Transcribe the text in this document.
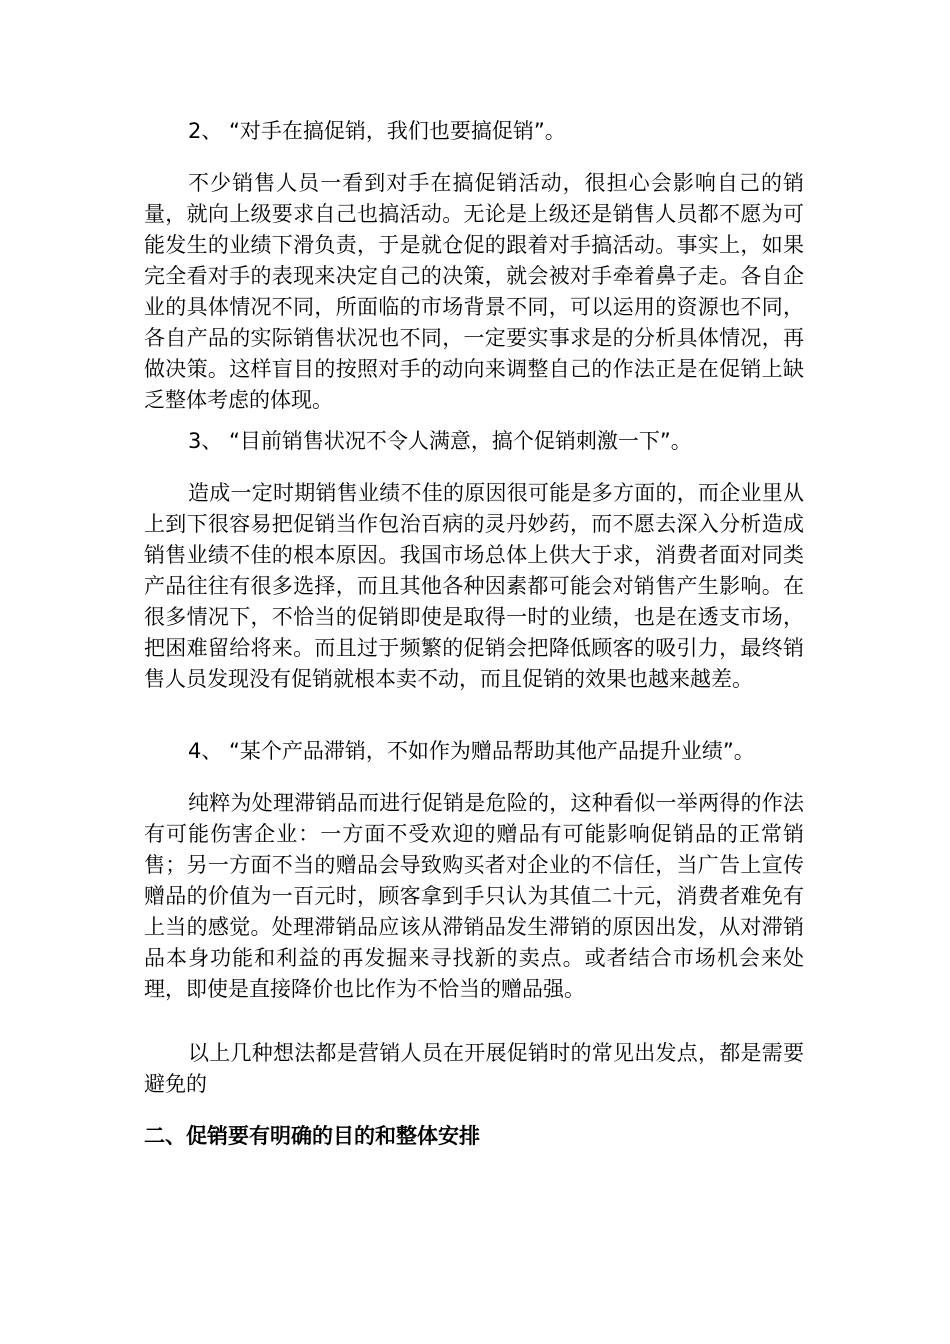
2、 “对手在搞促销，我们也要搞促销”。

不少销售人员一看到对手在搞促销活动，很担心会影响自己的销量，就向上级要求自己也搞活动。无论是上级还是销售人员都不愿为可能发生的业绩下滑负责，于是就仓促的跟着对手搞活动。事实上，如果完全看对手的表现来决定自己的决策，就会被对手牵着鼻子走。各自企业的具体情况不同，所面临的市场背景不同，可以运用的资源也不同，各自产品的实际销售状况也不同，一定要实事求是的分析具体情况，再做决策。这样盲目的按照对手的动向来调整自己的作法正是在促销上缺乏整体考虑的体现。

3、 “目前销售状况不令人满意，搞个促销刺激一下”。

造成一定时期销售业绩不佳的原因很可能是多方面的，而企业里从上到下很容易把促销当作包治百病的灵丹妙药，而不愿去深入分析造成销售业绩不佳的根本原因。我国市场总体上供大于求，消费者面对同类产品往往有很多选择，而且其他各种因素都可能会对销售产生影响。在很多情况下，不恰当的促销即使是取得一时的业绩，也是在透支市场，把困难留给将来。而且过于频繁的促销会把降低顾客的吸引力，最终销售人员发现没有促销就根本卖不动，而且促销的效果也越来越差。

4、 “某个产品滞销，不如作为赠品帮助其他产品提升业绩”。

纯粹为处理滞销品而进行促销是危险的，这种看似一举两得的作法有可能伤害企业：一方面不受欢迎的赠品有可能影响促销品的正常销售；另一方面不当的赠品会导致购买者对企业的不信任，当广告上宣传赠品的价值为一百元时，顾客拿到手只认为其值二十元，消费者难免有上当的感觉。处理滞销品应该从滞销品发生滞销的原因出发，从对滞销品本身功能和利益的再发掘来寻找新的卖点。或者结合市场机会来处理，即使是直接降价也比作为不恰当的赠品强。

以上几种想法都是营销人员在开展促销时的常见出发点，都是需要避免的

二、促销要有明确的目的和整体安排
